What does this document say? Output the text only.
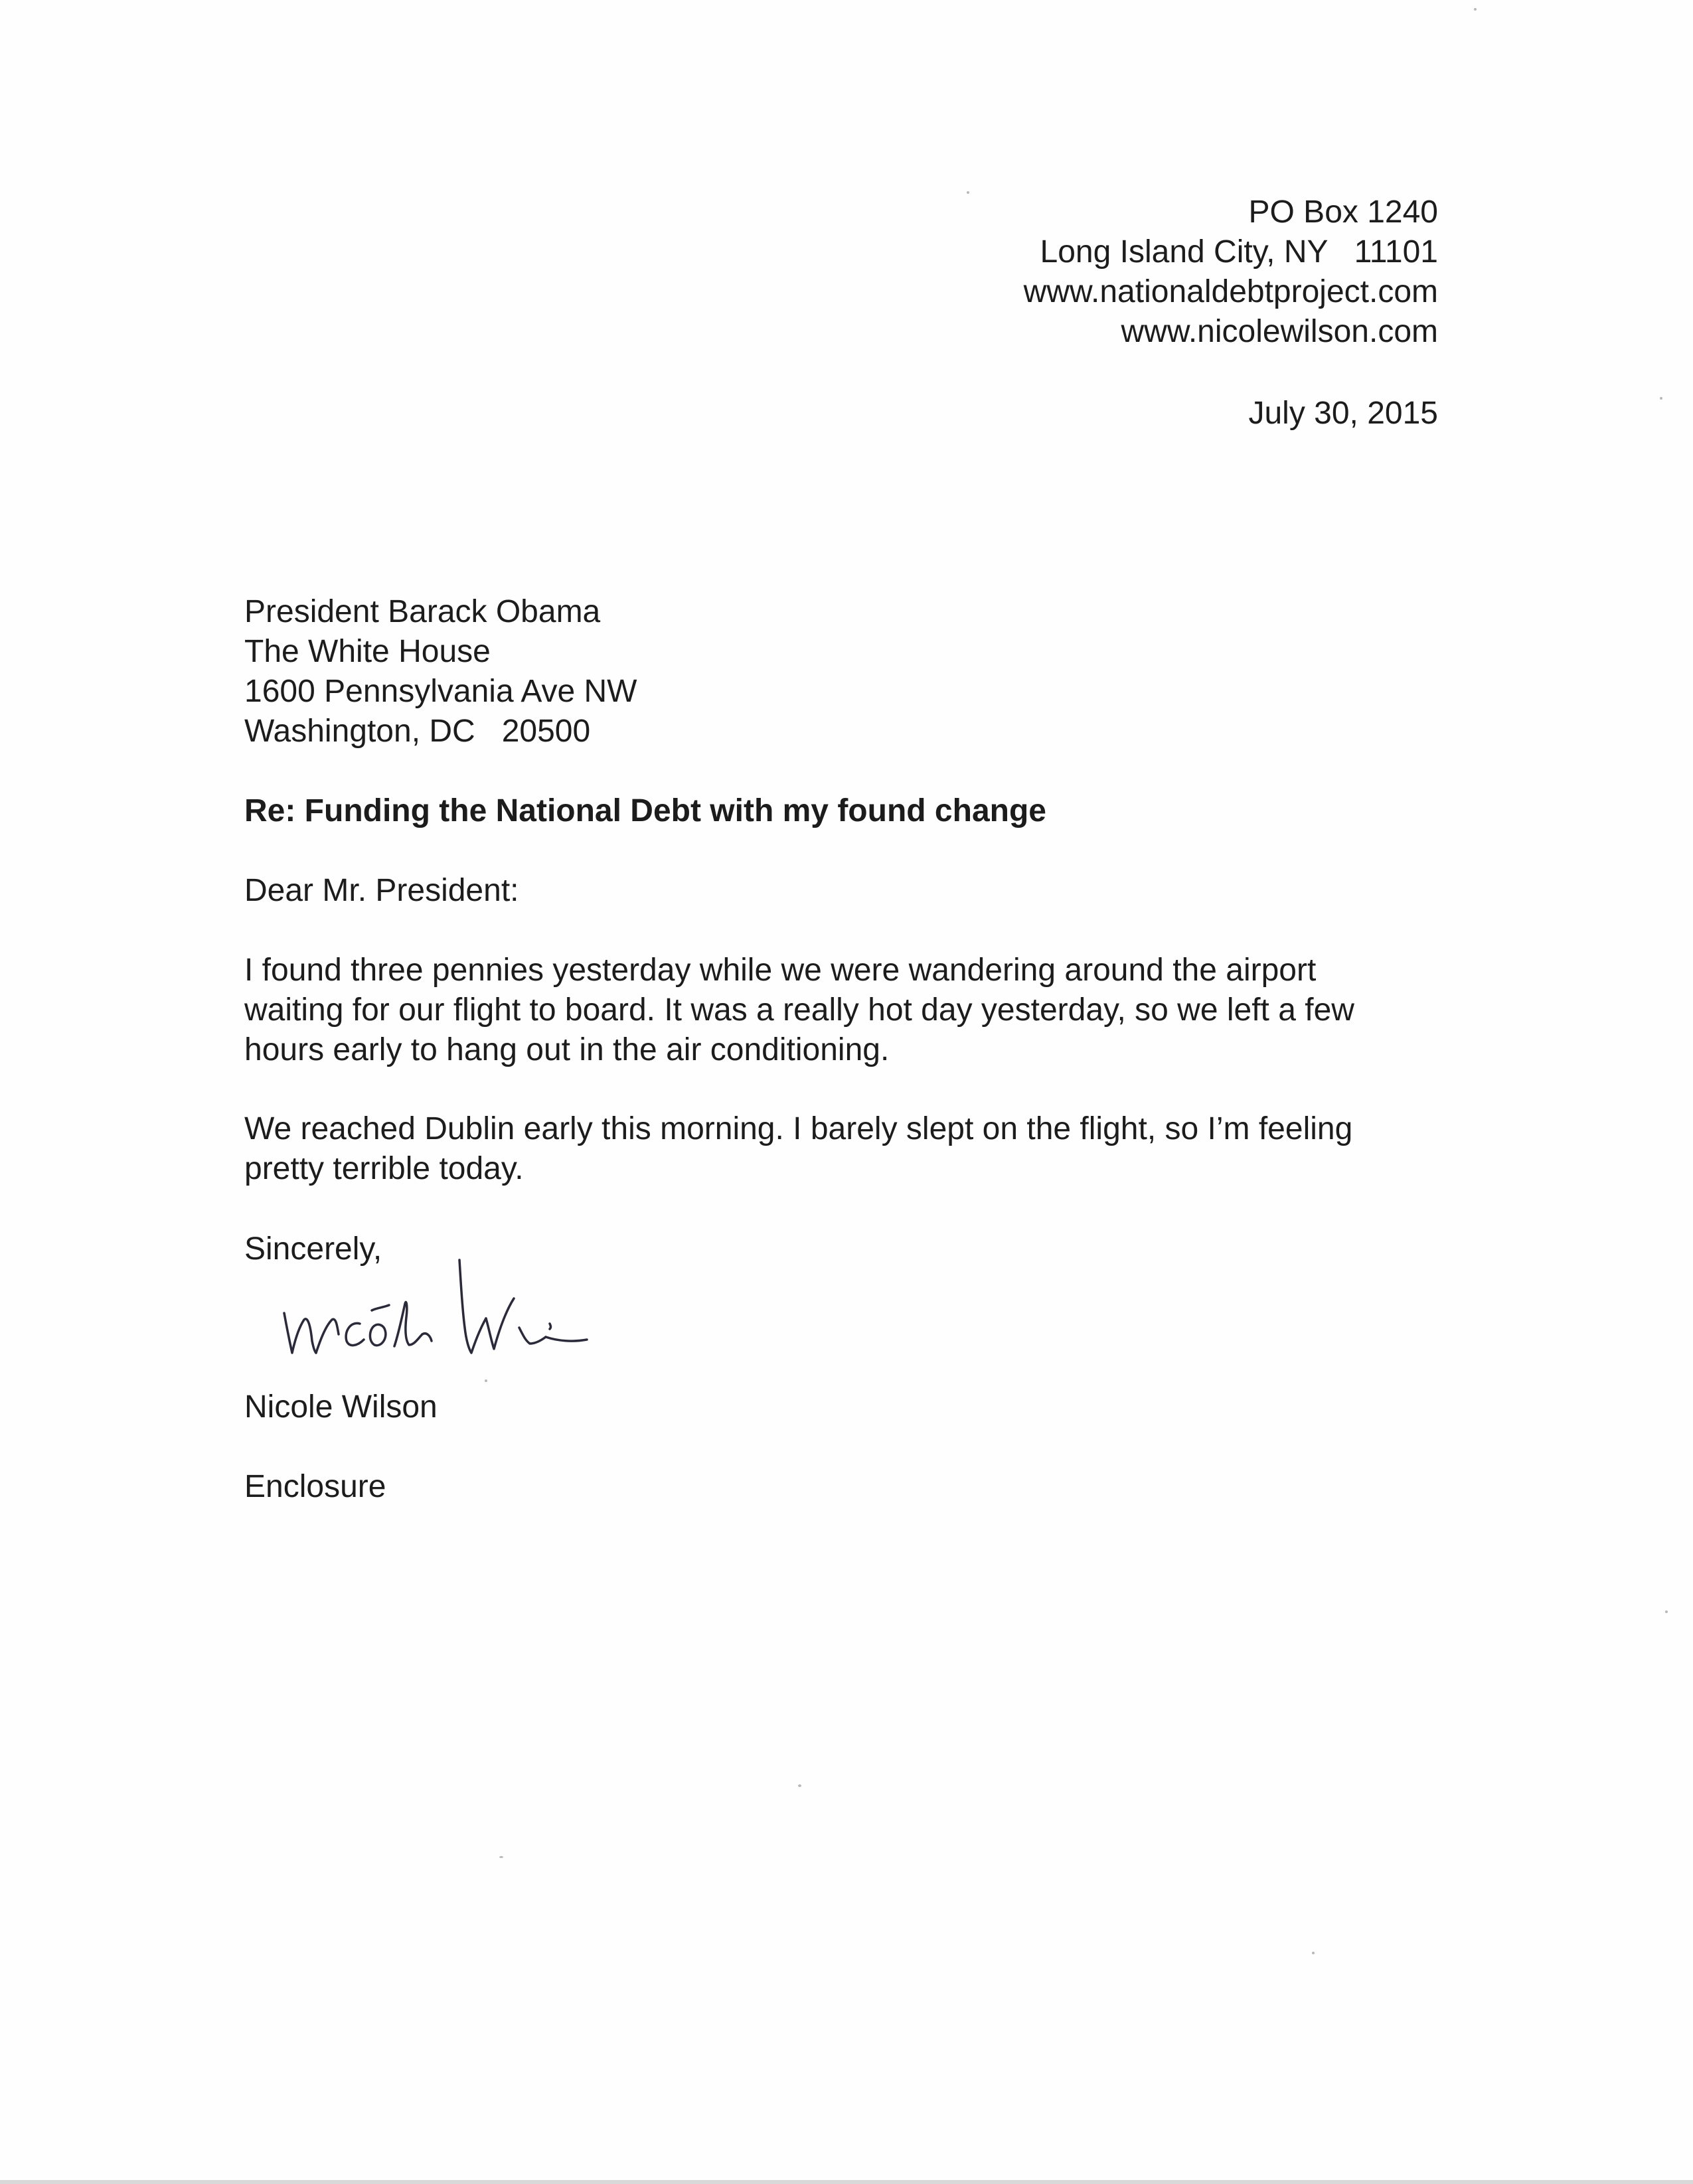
PO Box 1240
Long Island City, NY   11101
www.nationaldebtproject.com
www.nicolewilson.com
July 30, 2015
President Barack Obama
The White House
1600 Pennsylvania Ave NW
Washington, DC   20500
Re: Funding the National Debt with my found change
Dear Mr. President:
I found three pennies yesterday while we were wandering around the airport
waiting for our flight to board. It was a really hot day yesterday, so we left a few
hours early to hang out in the air conditioning.
We reached Dublin early this morning. I barely slept on the flight, so I’m feeling
pretty terrible today.
Sincerely,
Nicole Wilson
Enclosure
